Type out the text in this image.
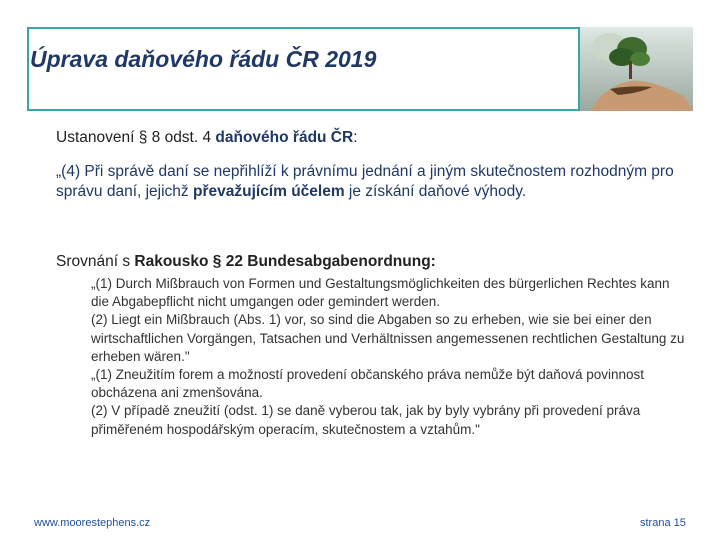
Úprava daňového řádu ČR 2019

Ustanovení § 8 odst. 4 daňového řádu ČR:

„(4) Při správě daní se nepřihlíží k právnímu jednání a jiným skutečnostem rozhodným pro správu daní, jejichž převažujícím účelem je získání daňové výhody.

Srovnání s Rakousko § 22 Bundesabgabenordnung:

„(1) Durch Mißbrauch von Formen und Gestaltungsmöglichkeiten des bürgerlichen Rechtes kann die Abgabepflicht nicht umgangen oder gemindert werden.

(2) Liegt ein Mißbrauch (Abs. 1) vor, so sind die Abgaben so zu erheben, wie sie bei einer den wirtschaftlichen Vorgängen, Tatsachen und Verhältnissen angemessenen rechtlichen Gestaltung zu erheben wären."

„(1) Zneužitím forem a možností provedení občanského práva nemůže být daňová povinnost obcházena ani zmenšována.

(2) V případě zneužití (odst. 1) se daně vyberou tak, jak by byly vybrány při provedení práva přiměřeném hospodářským operacím, skutečnostem a vztahům."

www.moorestephens.cz	strana 15
